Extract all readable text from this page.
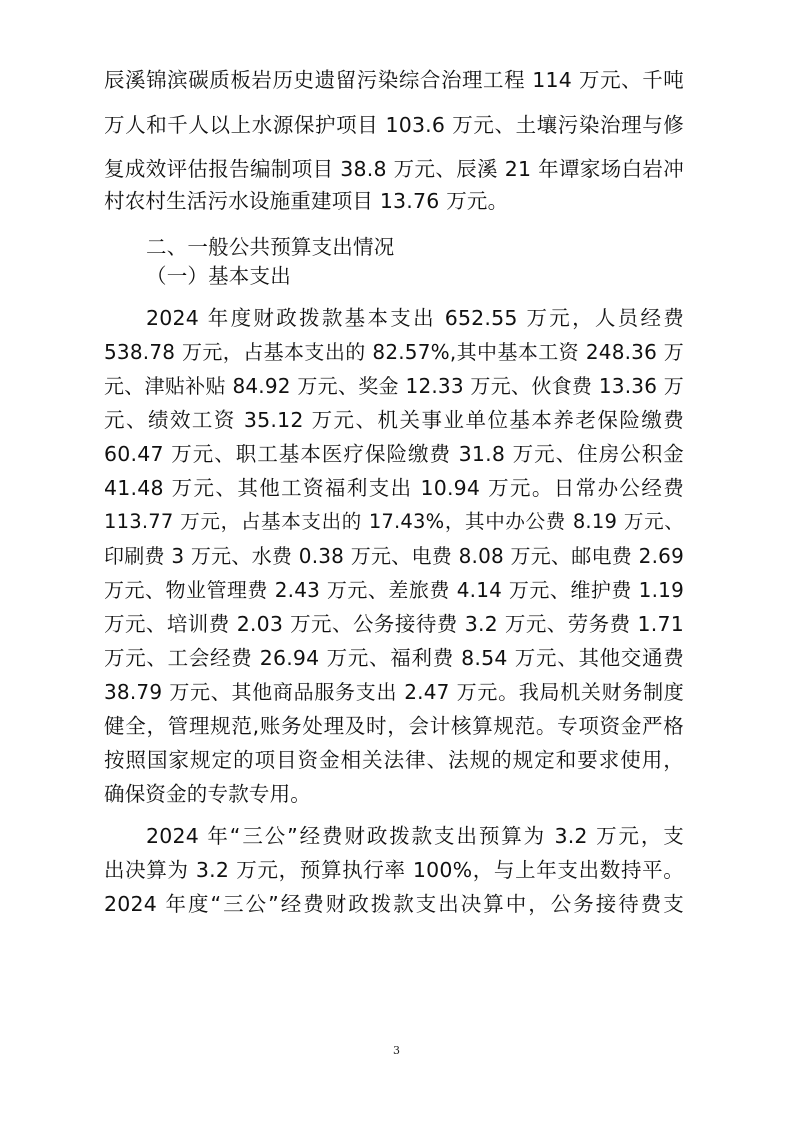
辰溪锦滨碳质板岩历史遗留污染综合治理工程 114 万元、千吨
万人和千人以上水源保护项目 103.6 万元、土壤污染治理与修
复成效评估报告编制项目 38.8 万元、辰溪 21 年谭家场白岩冲
村农村生活污水设施重建项目 13.76 万元。
二、一般公共预算支出情况
（一）基本支出
2024 年度财政拨款基本支出 652.55 万元，人员经费
538.78 万元，占基本支出的 82.57%,其中基本工资 248.36 万
元、津贴补贴 84.92 万元、奖金 12.33 万元、伙食费 13.36 万
元、绩效工资 35.12 万元、机关事业单位基本养老保险缴费
60.47 万元、职工基本医疗保险缴费 31.8 万元、住房公积金
41.48 万元、其他工资福利支出 10.94 万元。日常办公经费
113.77 万元，占基本支出的 17.43%，其中办公费 8.19 万元、
印刷费 3 万元、水费 0.38 万元、电费 8.08 万元、邮电费 2.69
万元、物业管理费 2.43 万元、差旅费 4.14 万元、维护费 1.19
万元、培训费 2.03 万元、公务接待费 3.2 万元、劳务费 1.71
万元、工会经费 26.94 万元、福利费 8.54 万元、其他交通费
38.79 万元、其他商品服务支出 2.47 万元。我局机关财务制度
健全，管理规范,账务处理及时，会计核算规范。专项资金严格
按照国家规定的项目资金相关法律、法规的规定和要求使用，
确保资金的专款专用。
2024 年“三公”经费财政拨款支出预算为 3.2 万元，支
出决算为 3.2 万元，预算执行率 100%，与上年支出数持平。
2024 年度“三公”经费财政拨款支出决算中，公务接待费支
3
